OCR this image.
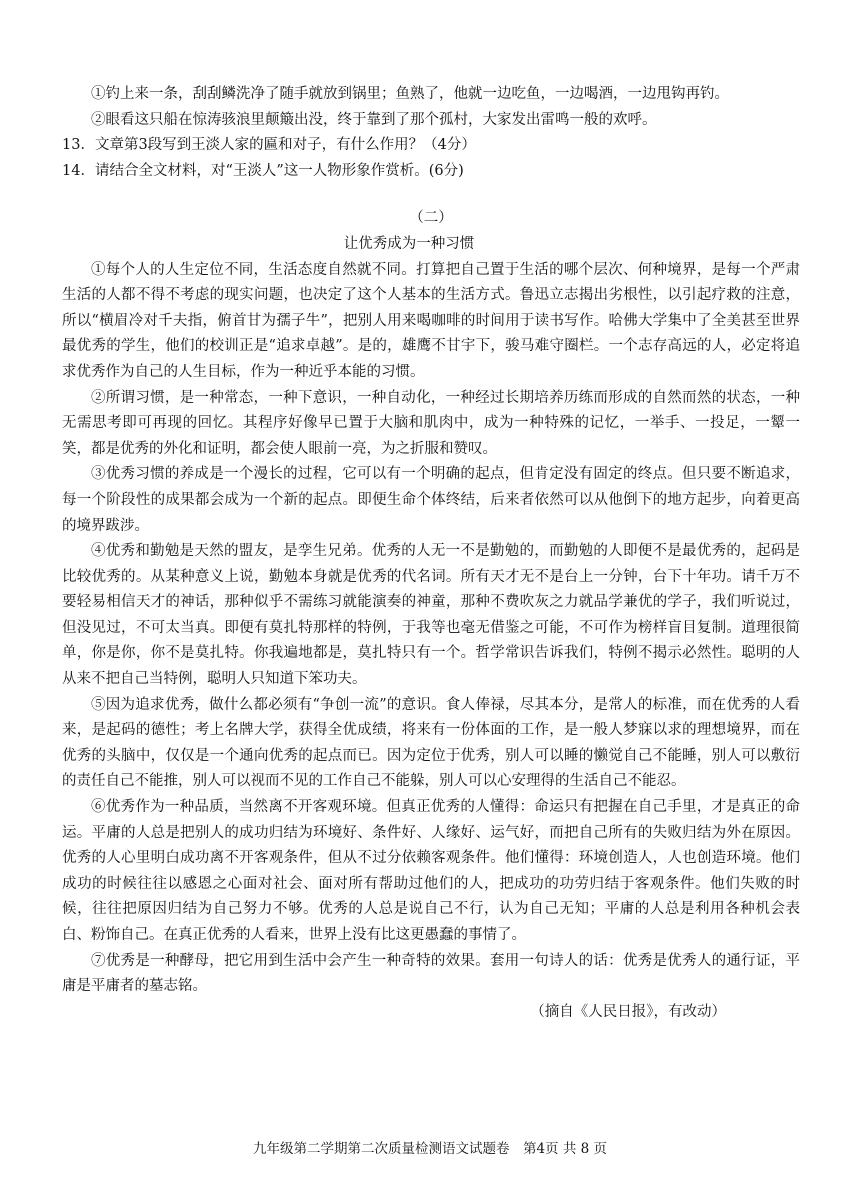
①钓上来一条，刮刮鳞洗净了随手就放到锅里；鱼熟了，他就一边吃鱼，一边喝酒，一边甩钩再钓。
②眼看这只船在惊涛骇浪里颠簸出没，终于靠到了那个孤村，大家发出雷鸣一般的欢呼。
13．文章第3段写到王淡人家的匾和对子，有什么作用？（4分）
14．请结合全文材料，对“王淡人”这一人物形象作赏析。(6分)
（二）
让优秀成为一种习惯

①每个人的人生定位不同，生活态度自然就不同。打算把自己置于生活的哪个层次、何种境界，是每一个严肃生活的人都不得不考虑的现实问题，也决定了这个人基本的生活方式。鲁迅立志揭出劣根性，以引起疗救的注意，所以“横眉冷对千夫指，俯首甘为孺子牛”，把别人用来喝咖啡的时间用于读书写作。哈佛大学集中了全美甚至世界最优秀的学生，他们的校训正是“追求卓越”。是的，雄鹰不甘宇下，骏马难守圈栏。一个志存高远的人，必定将追求优秀作为自己的人生目标，作为一种近乎本能的习惯。

②所谓习惯，是一种常态，一种下意识，一种自动化，一种经过长期培养历练而形成的自然而然的状态，一种无需思考即可再现的回忆。其程序好像早已置于大脑和肌肉中，成为一种特殊的记忆，一举手、一投足，一颦一笑，都是优秀的外化和证明，都会使人眼前一亮，为之折服和赞叹。

③优秀习惯的养成是一个漫长的过程，它可以有一个明确的起点，但肯定没有固定的终点。但只要不断追求，每一个阶段性的成果都会成为一个新的起点。即便生命个体终结，后来者依然可以从他倒下的地方起步，向着更高的境界跋涉。

④优秀和勤勉是天然的盟友，是孪生兄弟。优秀的人无一不是勤勉的，而勤勉的人即便不是最优秀的，起码是比较优秀的。从某种意义上说，勤勉本身就是优秀的代名词。所有天才无不是台上一分钟，台下十年功。请千万不要轻易相信天才的神话，那种似乎不需练习就能演奏的神童，那种不费吹灰之力就品学兼优的学子，我们听说过，但没见过，不可太当真。即便有莫扎特那样的特例，于我等也毫无借鉴之可能，不可作为榜样盲目复制。道理很简单，你是你，你不是莫扎特。你我遍地都是，莫扎特只有一个。哲学常识告诉我们，特例不揭示必然性。聪明的人从来不把自己当特例，聪明人只知道下笨功夫。

⑤因为追求优秀，做什么都必须有“争创一流”的意识。食人俸禄，尽其本分，是常人的标准，而在优秀的人看来，是起码的德性；考上名牌大学，获得全优成绩，将来有一份体面的工作，是一般人梦寐以求的理想境界，而在优秀的头脑中，仅仅是一个通向优秀的起点而已。因为定位于优秀，别人可以睡的懒觉自己不能睡，别人可以敷衍的责任自己不能推，别人可以视而不见的工作自己不能躲，别人可以心安理得的生活自己不能忍。

⑥优秀作为一种品质，当然离不开客观环境。但真正优秀的人懂得：命运只有把握在自己手里，才是真正的命运。平庸的人总是把别人的成功归结为环境好、条件好、人缘好、运气好，而把自己所有的失败归结为外在原因。优秀的人心里明白成功离不开客观条件，但从不过分依赖客观条件。他们懂得：环境创造人，人也创造环境。他们成功的时候往往以感恩之心面对社会、面对所有帮助过他们的人，把成功的功劳归结于客观条件。他们失败的时候，往往把原因归结为自己努力不够。优秀的人总是说自己不行，认为自己无知；平庸的人总是利用各种机会表白、粉饰自己。在真正优秀的人看来，世界上没有比这更愚蠢的事情了。

⑦优秀是一种酵母，把它用到生活中会产生一种奇特的效果。套用一句诗人的话：优秀是优秀人的通行证，平庸是平庸者的墓志铭。

（摘自《人民日报》，有改动）
九年级第二学期第二次质量检测语文试题卷　第4页 共 8 页
